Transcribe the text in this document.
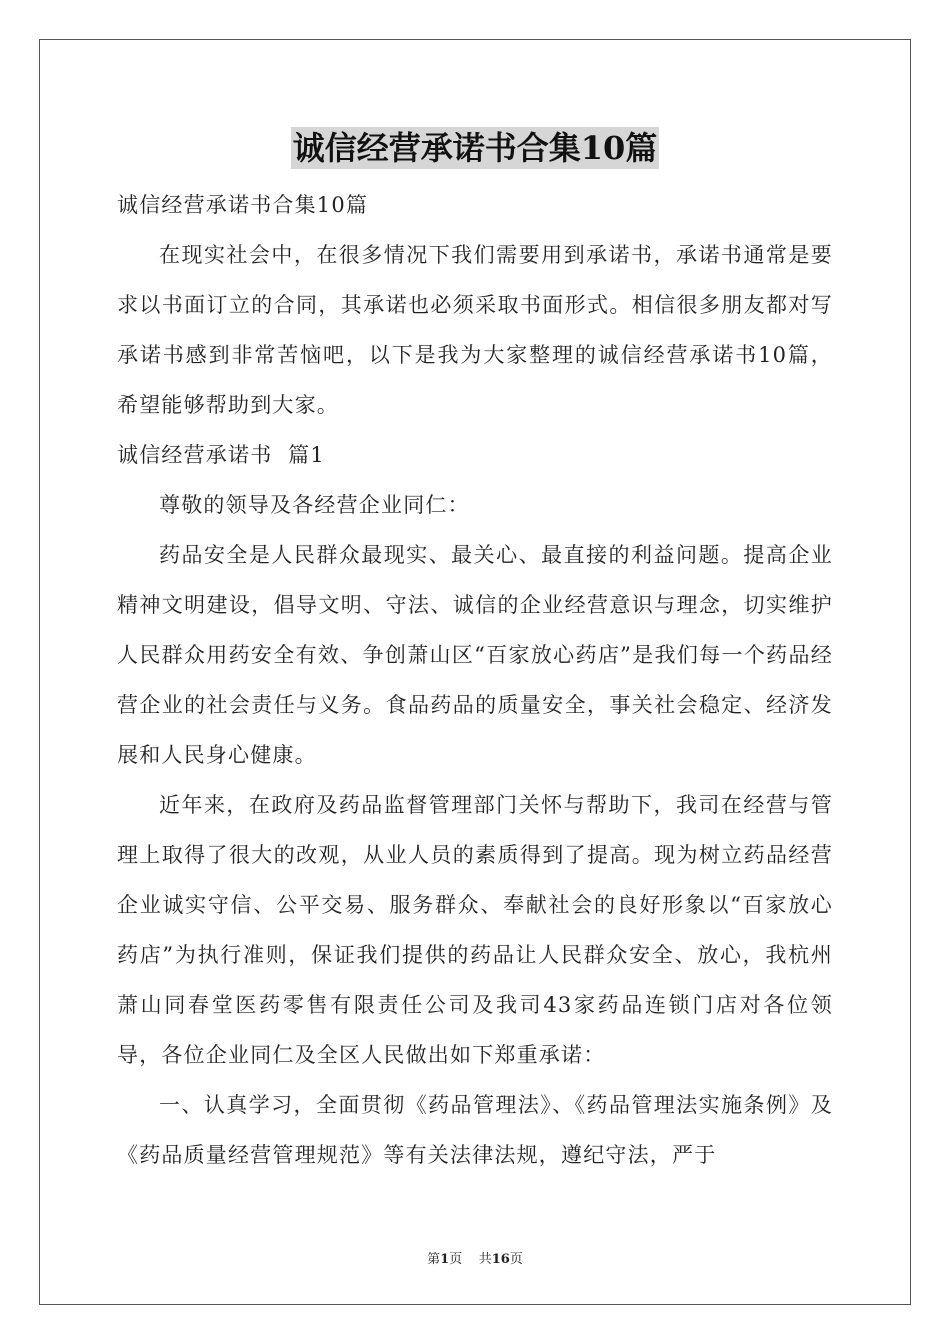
诚信经营承诺书合集10篇

诚信经营承诺书合集10篇

在现实社会中，在很多情况下我们需要用到承诺书，承诺书通常是要求以书面订立的合同，其承诺也必须采取书面形式。相信很多朋友都对写承诺书感到非常苦恼吧，以下是我为大家整理的诚信经营承诺书10篇，希望能够帮助到大家。

诚信经营承诺书  篇1

尊敬的领导及各经营企业同仁：

药品安全是人民群众最现实、最关心、最直接的利益问题。提高企业精神文明建设，倡导文明、守法、诚信的企业经营意识与理念，切实维护人民群众用药安全有效、争创萧山区“百家放心药店”是我们每一个药品经营企业的社会责任与义务。食品药品的质量安全，事关社会稳定、经济发展和人民身心健康。

近年来，在政府及药品监督管理部门关怀与帮助下，我司在经营与管理上取得了很大的改观，从业人员的素质得到了提高。现为树立药品经营企业诚实守信、公平交易、服务群众、奉献社会的良好形象以“百家放心药店”为执行准则，保证我们提供的药品让人民群众安全、放心，我杭州萧山同春堂医药零售有限责任公司及我司43家药品连锁门店对各位领导，各位企业同仁及全区人民做出如下郑重承诺：

一、认真学习，全面贯彻《药品管理法》、《药品管理法实施条例》及《药品质量经营管理规范》等有关法律法规，遵纪守法，严于

第1页 共16页
